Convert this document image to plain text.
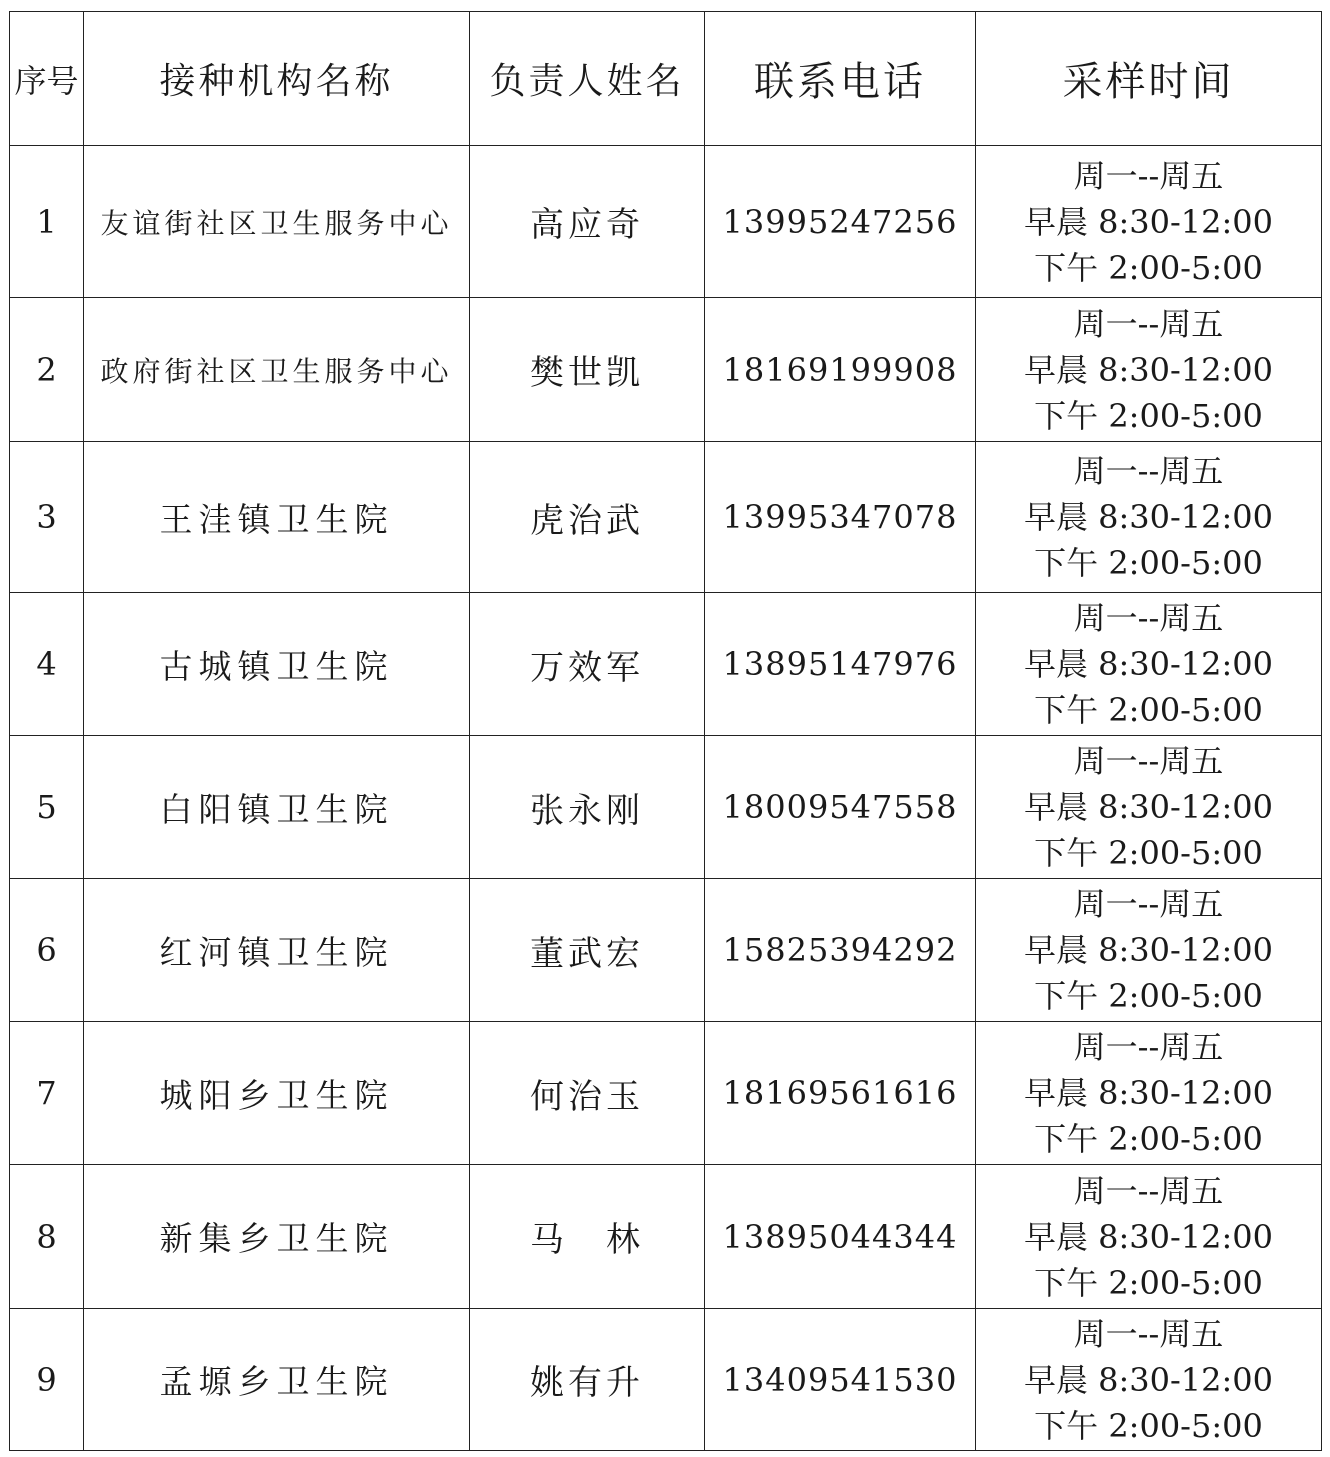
序号	接种机构名称	负责人姓名	联系电话	采样时间
1	友谊街社区卫生服务中心	高应奇	13995247256	周一--周五
早晨 8:30-12:00
下午 2:00-5:00

2	政府街社区卫生服务中心	樊世凯	18169199908	周一--周五
早晨 8:30-12:00
下午 2:00-5:00

3	王洼镇卫生院	虎治武	13995347078	周一--周五
早晨 8:30-12:00
下午 2:00-5:00

4	古城镇卫生院	万效军	13895147976	周一--周五
早晨 8:30-12:00
下午 2:00-5:00

5	白阳镇卫生院	张永刚	18009547558	周一--周五
早晨 8:30-12:00
下午 2:00-5:00

6	红河镇卫生院	董武宏	15825394292	周一--周五
早晨 8:30-12:00
下午 2:00-5:00

7	城阳乡卫生院	何治玉	18169561616	周一--周五
早晨 8:30-12:00
下午 2:00-5:00

8	新集乡卫生院	马　林	13895044344	周一--周五
早晨 8:30-12:00
下午 2:00-5:00

9	孟塬乡卫生院	姚有升	13409541530	周一--周五
早晨 8:30-12:00
下午 2:00-5:00
